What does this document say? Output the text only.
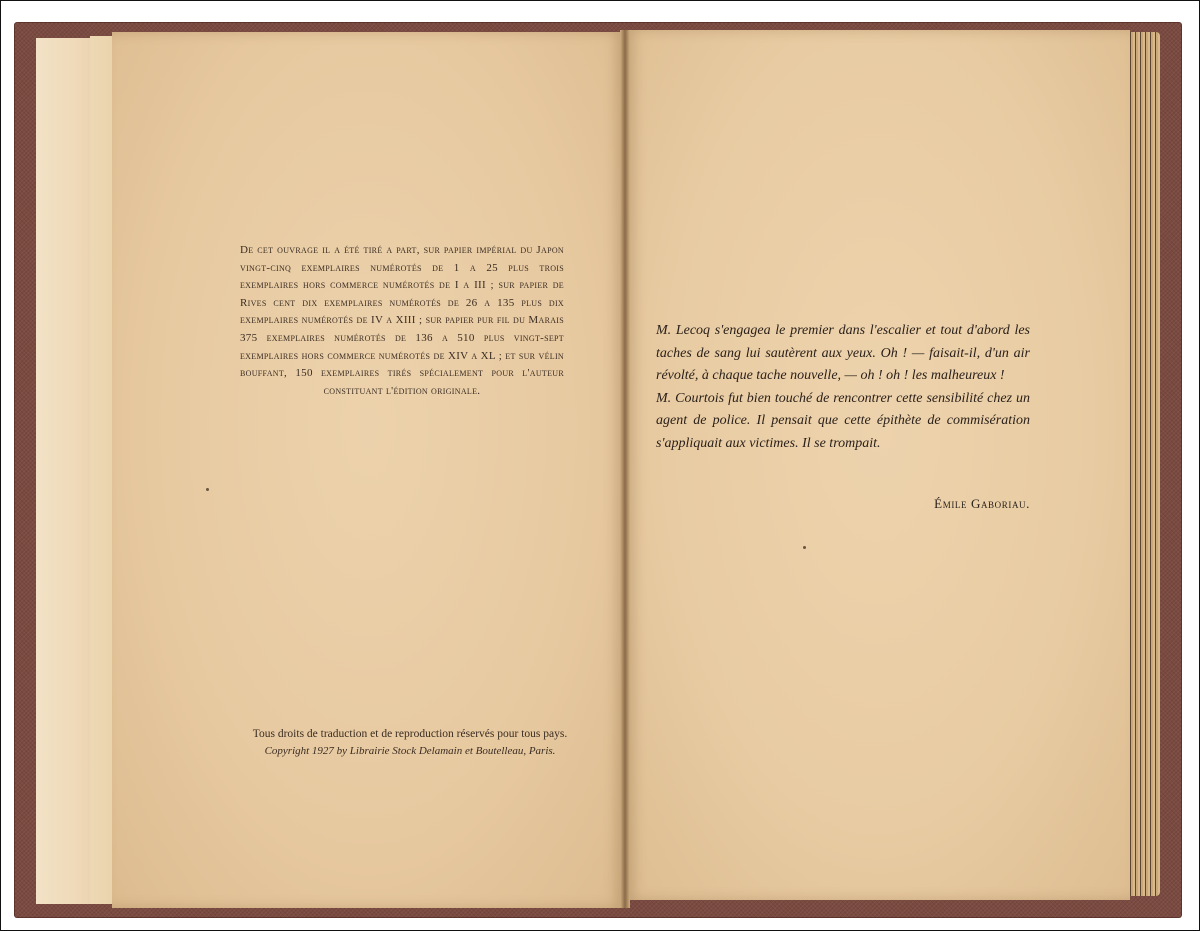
De cet ouvrage il a été tiré a part, sur papier impérial du Japon vingt-cinq exemplaires numérotés de 1 a 25 plus trois exemplaires hors commerce numérotés de I a III ; sur papier de Rives cent dix exemplaires numérotés de 26 a 135 plus dix exemplaires numérotés de IV a XIII ; sur papier pur fil du Marais 375 exemplaires numérotés de 136 a 510 plus vingt-sept exemplaires hors commerce numérotés de XIV a XL ; et sur vélin bouffant, 150 exemplaires tirés spécialement pour l'auteur constituant l'édition originale.
Tous droits de traduction et de reproduction réservés pour tous pays.
Copyright 1927 by Librairie Stock Delamain et Boutelleau, Paris.

M. Lecoq s'engagea le premier dans l'escalier et tout d'abord les taches de sang lui sautèrent aux yeux. Oh ! — faisait-il, d'un air révolté, à chaque tache nouvelle, — oh ! oh ! les malheureux !

M. Courtois fut bien touché de rencontrer cette sensibilité chez un agent de police. Il pensait que cette épithète de commisération s'appliquait aux victimes. Il se trompait.

Émile Gaboriau.
